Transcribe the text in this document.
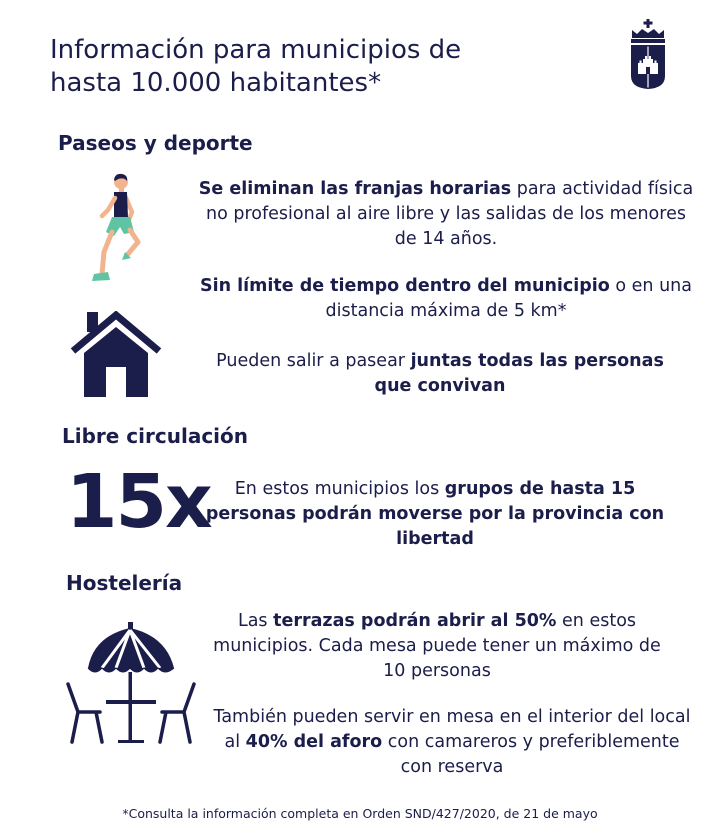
Información para municipios de
hasta 10.000 habitantes*
Paseos y deporte

Se eliminan las franjas horarias para actividad física no profesional al aire libre y las salidas de los menores de 14 años.

Sin límite de tiempo dentro del municipio o en una distancia máxima de 5 km*

Pueden salir a pasear juntas todas las personas que convivan

Libre circulación
15x	En estos municipios los grupos de hasta 15 personas podrán moverse por la provincia con libertad

Hostelería

Las terrazas podrán abrir al 50% en estos municipios. Cada mesa puede tener un máximo de 10 personas

También pueden servir en mesa en el interior del local al 40% del aforo con camareros y preferiblemente con reserva

*Consulta la información completa en Orden SND/427/2020, de 21 de mayo
